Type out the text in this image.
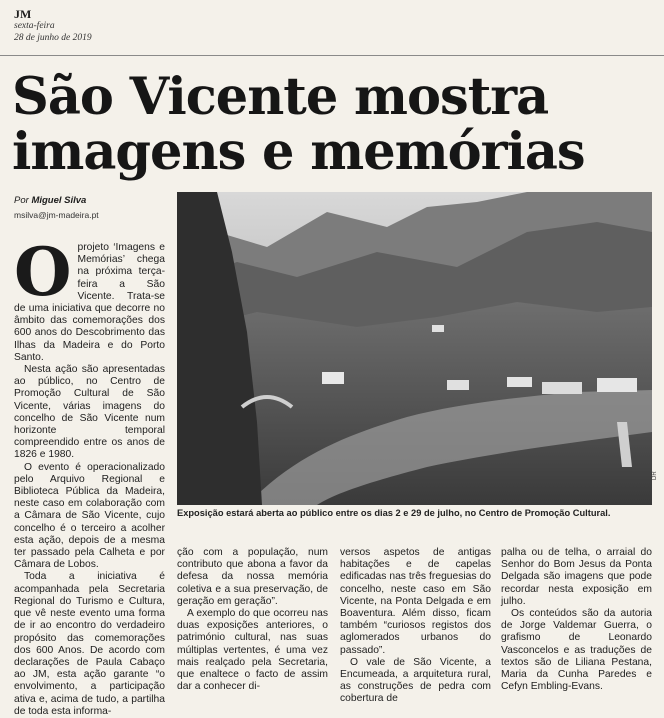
JM
sexta-feira
28 de junho de 2019
São Vicente mostra
imagens e memórias
Por Miguel Silva
msilva@jm-madeira.pt
DR
Exposição estará aberta ao público entre os dias 2 e 29 de julho, no Centro de Promoção Cultural.
O projeto ‘Imagens e Memórias’ chega na próxima terça-feira a São Vicente. Trata-se de uma iniciativa que decorre no âmbito das comemorações dos 600 anos do Descobrimento das Ilhas da Madeira e do Porto Santo.

Nesta ação são apresentadas ao público, no Centro de Promoção Cultural de São Vicente, várias imagens do concelho de São Vicente num horizonte temporal compreendido entre os anos de 1826 e 1980.

O evento é operacionalizado pelo Arquivo Regional e Biblioteca Pública da Madeira, neste caso em colaboração com a Câmara de São Vicente, cujo concelho é o terceiro a acolher esta ação, depois de a mesma ter passado pela Calheta e por Câmara de Lobos.

Toda a iniciativa é acompanhada pela Secretaria Regional do Turismo e Cultura, que vê neste evento uma forma de ir ao encontro do verdadeiro propósito das comemorações dos 600 Anos. De acordo com declarações de Paula Cabaço ao JM, esta ação garante “o envolvimento, a participação ativa e, acima de tudo, a partilha de toda esta informa-

ção com a população, num contributo que abona a favor da defesa da nossa memória coletiva e a sua preservação, de geração em geração”.

A exemplo do que ocorreu nas duas exposições anteriores, o património cultural, nas suas múltiplas vertentes, é uma vez mais realçado pela Secretaria, que enaltece o facto de assim dar a conhecer di-

versos aspetos de antigas habitações e de capelas edificadas nas três freguesias do concelho, neste caso em São Vicente, na Ponta Delgada e em Boaventura. Além disso, ficam também “curiosos registos dos aglomerados urbanos do passado”.

O vale de São Vicente, a Encumeada, a arquitetura rural, as construções de pedra com cobertura de

palha ou de telha, o arraial do Senhor do Bom Jesus da Ponta Delgada são imagens que pode recordar nesta exposição em julho.

Os conteúdos são da autoria de Jorge Valdemar Guerra, o grafismo de Leonardo Vasconcelos e as traduções de textos são de Liliana Pestana, Maria da Cunha Paredes e Cefyn Embling-Evans.
